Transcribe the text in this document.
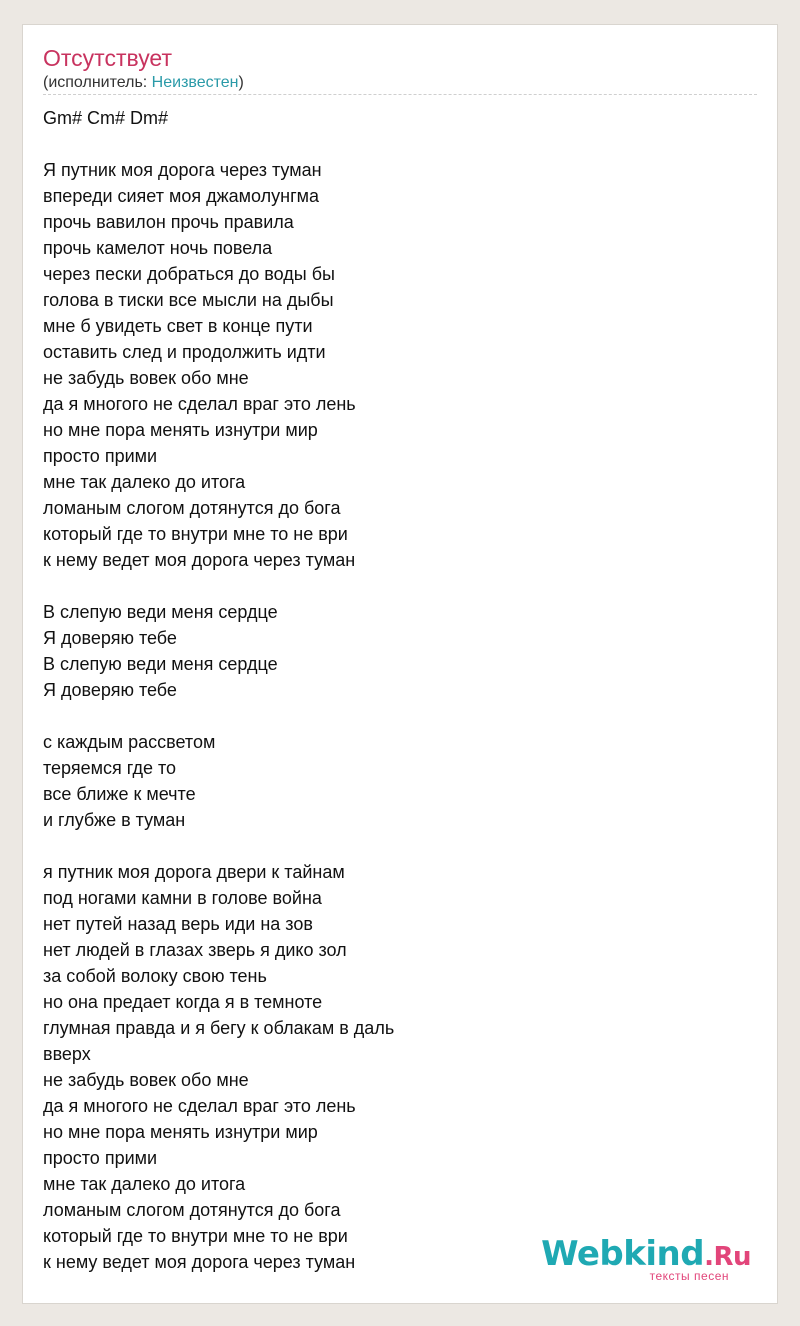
Отсутствует
(исполнитель: Неизвестен)
Gm# Cm# Dm#
Я путник моя дорога через туман
впереди сияет моя джамолунгма
прочь вавилон прочь правила
прочь камелот ночь повела
через пески добраться до воды бы
голова в тиски все мысли на дыбы
мне б увидеть свет в конце пути
оставить след и продолжить идти
не забудь вовек обо мне
да я многого не сделал враг это лень
но мне пора менять изнутри мир
просто прими
мне так далеко до итога
ломаным слогом дотянутся до бога
который где то внутри мне то не ври
к нему ведет моя дорога через туман
В слепую веди меня сердце
Я доверяю тебе
В слепую веди меня сердце
Я доверяю тебе
с каждым рассветом
теряемся где то
все ближе к мечте
и глубже в туман
я путник моя дорога двери к тайнам
под ногами камни в голове война
нет путей назад верь иди на зов
нет людей в глазах зверь я дико зол
за собой волоку свою тень
но она предает когда я в темноте
глумная правда и я бегу к облакам в даль
вверх
не забудь вовек обо мне
да я многого не сделал враг это лень
но мне пора менять изнутри мир
просто прими
мне так далеко до итога
ломаным слогом дотянутся до бога
который где то внутри мне то не ври
к нему ведет моя дорога через туман	Webkind.Ru
тексты песен
